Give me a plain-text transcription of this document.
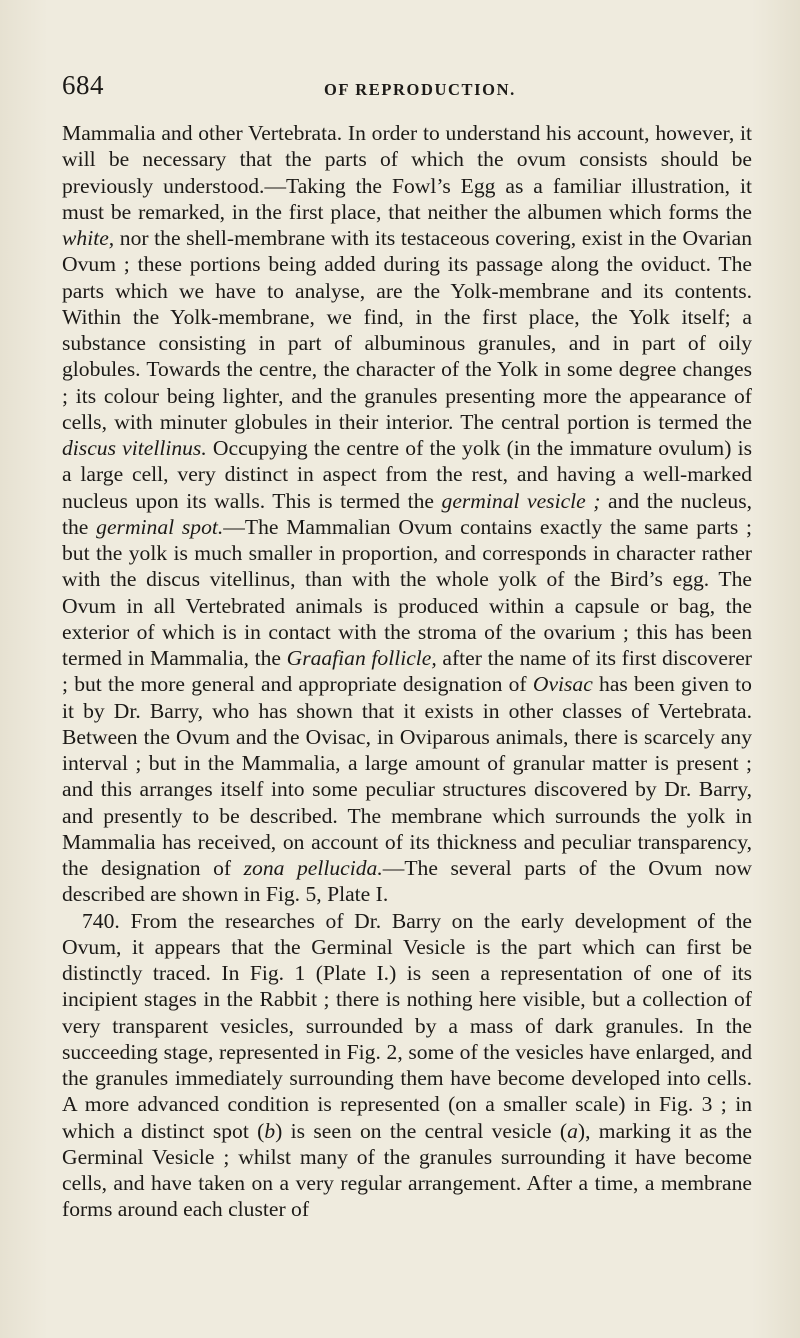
684	OF REPRODUCTION.

Mammalia and other Vertebrata. In order to understand his account, however, it will be necessary that the parts of which the ovum consists should be previously understood.—Taking the Fowl’s Egg as a familiar illustration, it must be remarked, in the first place, that neither the albumen which forms the white, nor the shell-membrane with its testaceous covering, exist in the Ovarian Ovum ; these portions being added during its passage along the oviduct. The parts which we have to analyse, are the Yolk-membrane and its contents. Within the Yolk-membrane, we find, in the first place, the Yolk itself; a substance consisting in part of albuminous granules, and in part of oily globules. Towards the centre, the character of the Yolk in some degree changes ; its colour being lighter, and the granules presenting more the appearance of cells, with minuter globules in their interior. The central portion is termed the discus vitellinus. Occupying the centre of the yolk (in the immature ovulum) is a large cell, very distinct in aspect from the rest, and having a well-marked nucleus upon its walls. This is termed the germinal vesicle ; and the nucleus, the germinal spot.—The Mammalian Ovum contains exactly the same parts ; but the yolk is much smaller in proportion, and corresponds in character rather with the discus vitellinus, than with the whole yolk of the Bird’s egg. The Ovum in all Vertebrated animals is produced within a capsule or bag, the exterior of which is in contact with the stroma of the ovarium ; this has been termed in Mammalia, the Graafian follicle, after the name of its first discoverer ; but the more general and appropriate designation of Ovisac has been given to it by Dr. Barry, who has shown that it exists in other classes of Vertebrata. Between the Ovum and the Ovisac, in Oviparous animals, there is scarcely any interval ; but in the Mammalia, a large amount of granular matter is present ; and this arranges itself into some peculiar structures discovered by Dr. Barry, and presently to be described. The membrane which surrounds the yolk in Mammalia has received, on account of its thickness and peculiar transparency, the designation of zona pellucida.—The several parts of the Ovum now described are shown in Fig. 5, Plate I.

740. From the researches of Dr. Barry on the early development of the Ovum, it appears that the Germinal Vesicle is the part which can first be distinctly traced. In Fig. 1 (Plate I.) is seen a representation of one of its incipient stages in the Rabbit ; there is nothing here visible, but a collection of very transparent vesicles, surrounded by a mass of dark granules. In the succeeding stage, represented in Fig. 2, some of the vesicles have enlarged, and the granules immediately surrounding them have become developed into cells. A more advanced condition is represented (on a smaller scale) in Fig. 3 ; in which a distinct spot (b) is seen on the central vesicle (a), marking it as the Germinal Vesicle ; whilst many of the granules surrounding it have become cells, and have taken on a very regular arrangement. After a time, a membrane forms around each cluster of
